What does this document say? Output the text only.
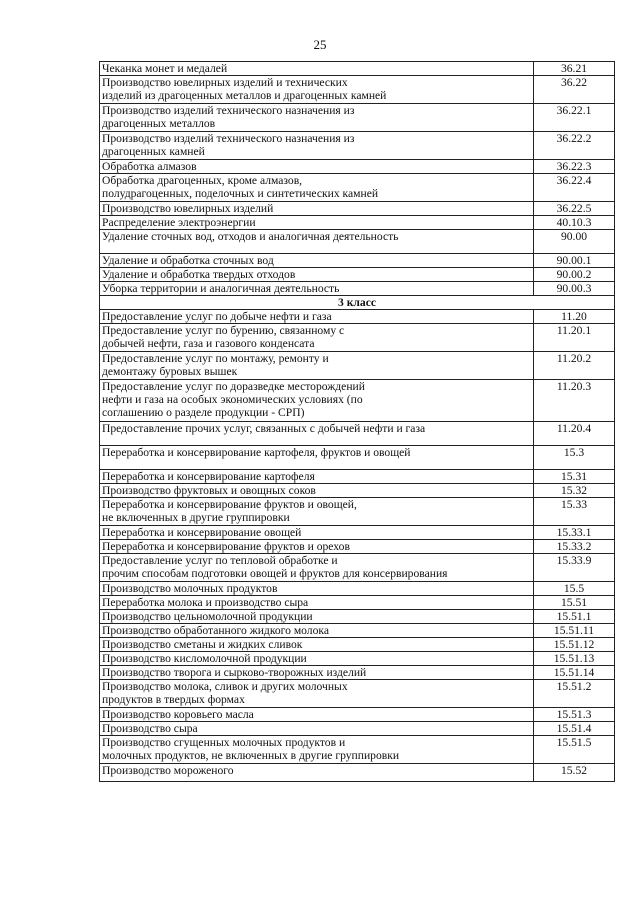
25
Чеканка монет и медалей	36.21
Производство ювелирных изделий и технических
изделий из драгоценных металлов и драгоценных камней	36.22
Производство изделий технического назначения из
драгоценных металлов	36.22.1
Производство изделий технического назначения из
драгоценных камней	36.22.2
Обработка алмазов	36.22.3
Обработка драгоценных, кроме алмазов,
полудрагоценных, поделочных и синтетических камней	36.22.4
Производство ювелирных изделий	36.22.5
Распределение электроэнергии	40.10.3
Удаление сточных вод, отходов и аналогичная деятельность	90.00
Удаление и обработка сточных вод	90.00.1
Удаление и обработка твердых отходов	90.00.2
Уборка территории и аналогичная деятельность	90.00.3
3 класс	
Предоставление услуг по добыче нефти и газа	11.20
Предоставление услуг по бурению, связанному с
добычей нефти, газа и газового конденсата	11.20.1
Предоставление услуг по монтажу, ремонту и
демонтажу буровых вышек	11.20.2
Предоставление услуг по доразведке месторождений
нефти и газа на особых экономических условиях (по
соглашению о разделе продукции - СРП)	11.20.3
Предоставление прочих услуг, связанных с добычей нефти и газа	11.20.4
Переработка и консервирование картофеля, фруктов и овощей	15.3
Переработка и консервирование картофеля	15.31
Производство фруктовых и овощных соков	15.32
Переработка и консервирование фруктов и овощей,
не включенных в другие группировки	15.33
Переработка и консервирование овощей	15.33.1
Переработка и консервирование фруктов и орехов	15.33.2
Предоставление услуг по тепловой обработке и
прочим способам подготовки овощей и фруктов для консервирования	15.33.9
Производство молочных продуктов	15.5
Переработка молока и производство сыра	15.51
Производство цельномолочной продукции	15.51.1
Производство обработанного жидкого молока	15.51.11
Производство сметаны и жидких сливок	15.51.12
Производство кисломолочной продукции	15.51.13
Производство творога и сырково-творожных изделий	15.51.14
Производство молока, сливок и других молочных
продуктов в твердых формах	15.51.2
Производство коровьего масла	15.51.3
Производство сыра	15.51.4
Производство сгущенных молочных продуктов и
молочных продуктов, не включенных в другие группировки	15.51.5
Производство мороженого	15.52
